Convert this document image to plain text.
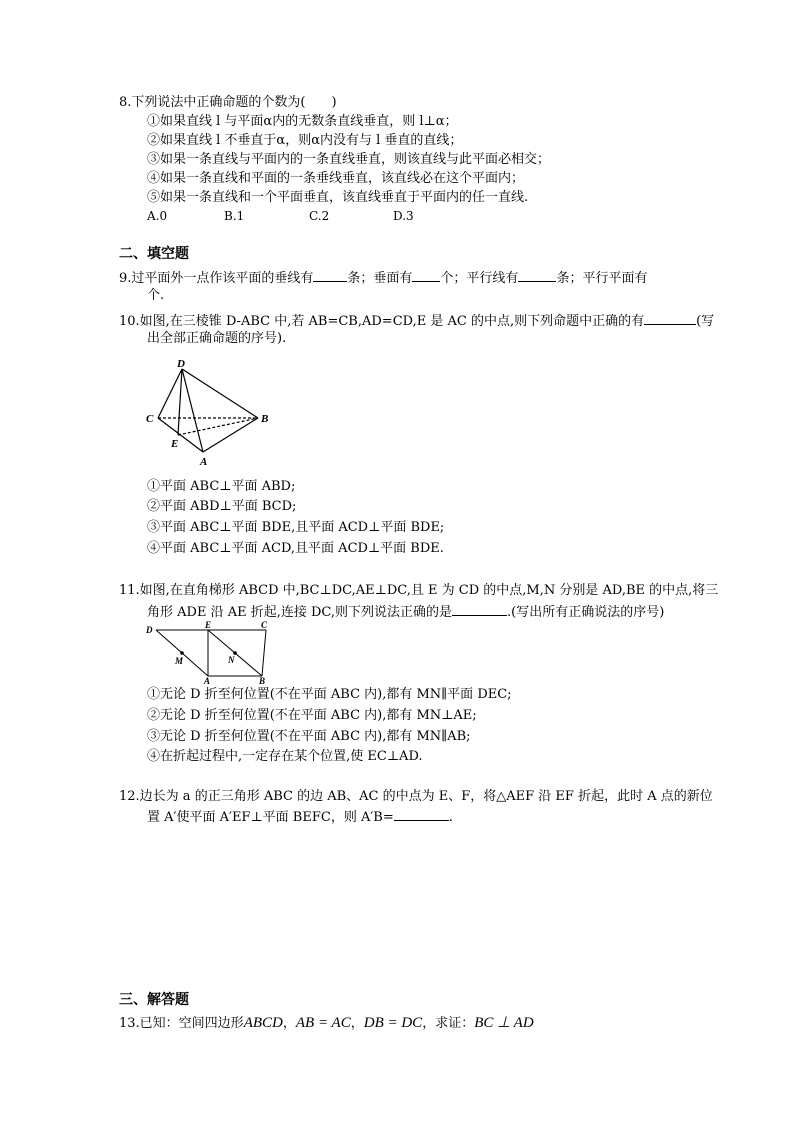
8.下列说法中正确命题的个数为(　　)
①如果直线 l 与平面α内的无数条直线垂直，则 l⊥α；
②如果直线 l 不垂直于α，则α内没有与 l 垂直的直线；
③如果一条直线与平面内的一条直线垂直，则该直线与此平面必相交；
④如果一条直线和平面的一条垂线垂直，该直线必在这个平面内；
⑤如果一条直线和一个平面垂直，该直线垂直于平面内的任一直线.
A.0	B.1	C.2	D.3
二、填空题
9.过平面外一点作该平面的垂线有	条；垂面有 个；平行线有	条；平行平面有
个.
10.如图,在三棱锥 D-ABC 中,若 AB=CB,AD=CD,E 是 AC 的中点,则下列命题中正确的有	(写
出全部正确命题的序号).
D
C	B
E
A
①平面 ABC⊥平面 ABD;
②平面 ABD⊥平面 BCD;
③平面 ABC⊥平面 BDE,且平面 ACD⊥平面 BDE;
④平面 ABC⊥平面 ACD,且平面 ACD⊥平面 BDE.
11.如图,在直角梯形 ABCD 中,BC⊥DC,AE⊥DC,且 E 为 CD 的中点,M,N 分别是 AD,BE 的中点,将三
角形 ADE 沿 AE 折起,连接 DC,则下列说法正确的是	.(写出所有正确说法的序号)
D	E	C
M	N
A	B
①无论 D 折至何位置(不在平面 ABC 内),都有 MN∥平面 DEC;
②无论 D 折至何位置(不在平面 ABC 内),都有 MN⊥AE;
③无论 D 折至何位置(不在平面 ABC 内),都有 MN∥AB;
④在折起过程中,一定存在某个位置,使 EC⊥AD.
12.边长为 a 的正三角形 ABC 的边 AB、AC 的中点为 E、F，将△AEF 沿 EF 折起，此时 A 点的新位
置 A′使平面 A′EF⊥平面 BEFC，则 A′B=	.
三、解答题
13.已知：空间四边形ABCD，AB = AC，DB = DC，求证：BC ⊥ AD
